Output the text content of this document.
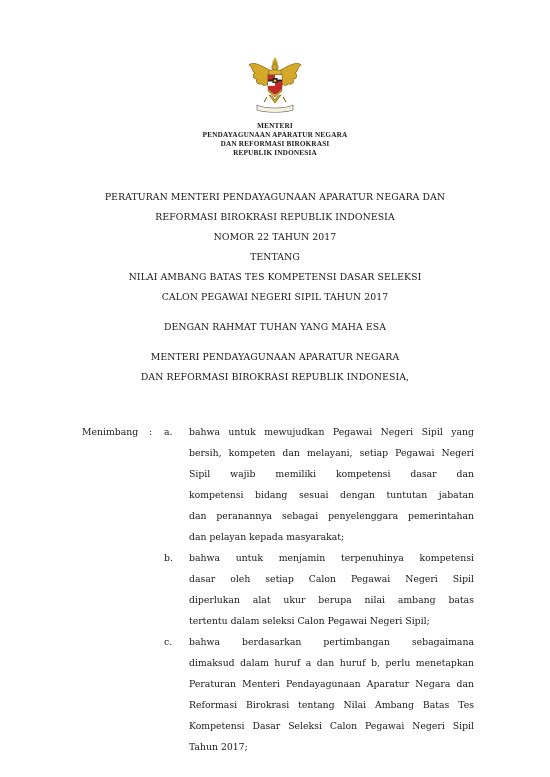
MENTERI
PENDAYAGUNAAN APARATUR NEGARA
DAN REFORMASI BIROKRASI
REPUBLIK INDONESIA
PERATURAN MENTERI PENDAYAGUNAAN APARATUR NEGARA DAN
REFORMASI BIROKRASI REPUBLIK INDONESIA
NOMOR 22 TAHUN 2017
TENTANG
NILAI AMBANG BATAS TES KOMPETENSI DASAR SELEKSI
CALON PEGAWAI NEGERI SIPIL TAHUN 2017
DENGAN RAHMAT TUHAN YANG MAHA ESA
MENTERI PENDAYAGUNAAN APARATUR NEGARA
DAN REFORMASI BIROKRASI REPUBLIK INDONESIA,
Menimbang : a. bahwa untuk mewujudkan Pegawai Negeri Sipil yang
bersih, kompeten dan melayani, setiap Pegawai Negeri
Sipil wajib memiliki kompetensi dasar dan
kompetensi bidang sesuai dengan tuntutan jabatan
dan peranannya sebagai penyelenggara pemerintahan
dan pelayan kepada masyarakat;
b. bahwa untuk menjamin terpenuhinya kompetensi
dasar oleh setiap Calon Pegawai Negeri Sipil
diperlukan alat ukur berupa nilai ambang batas
tertentu dalam seleksi Calon Pegawai Negeri Sipil;
c. bahwa berdasarkan pertimbangan sebagaimana
dimaksud dalam huruf a dan huruf b, perlu menetapkan
Peraturan Menteri Pendayagunaan Aparatur Negara dan
Reformasi Birokrasi tentang Nilai Ambang Batas Tes
Kompetensi Dasar Seleksi Calon Pegawai Negeri Sipil
Tahun 2017;
